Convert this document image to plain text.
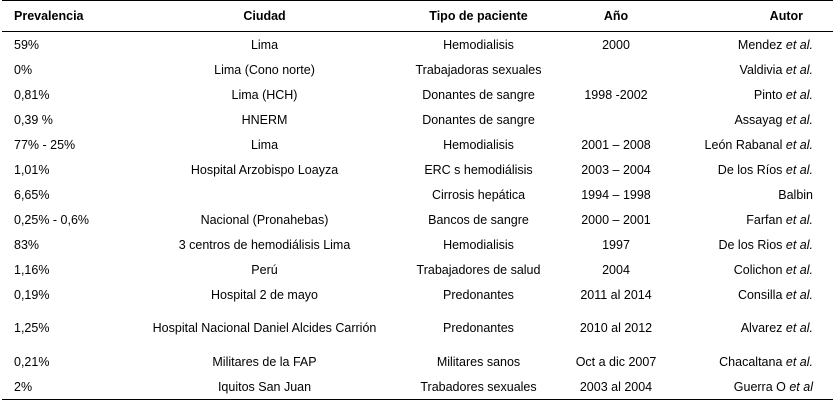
Prevalencia	Ciudad	Tipo de paciente	Año	Autor
59%	Lima	Hemodialisis	2000	Mendez et al.
0%	Lima (Cono norte)	Trabajadoras sexuales		Valdivia et al.
0,81%	Lima (HCH)	Donantes de sangre	1998 -2002	Pinto et al.
0,39 %	HNERM	Donantes de sangre		Assayag et al.
77% - 25%	Lima	Hemodialisis	2001 – 2008	León Rabanal et al.
1,01%	Hospital Arzobispo Loayza	ERC s hemodiálisis	2003 – 2004	De los Ríos et al.
6,65%		Cirrosis hepática	1994 – 1998	Balbin
0,25% - 0,6%	Nacional (Pronahebas)	Bancos de sangre	2000 – 2001	Farfan et al.
83%	3 centros de hemodiálisis Lima	Hemodialisis	1997	De los Rios et al.
1,16%	Perú	Trabajadores de salud	2004	Colichon et al.
0,19%	Hospital 2 de mayo	Predonantes	2011 al 2014	Consilla et al.
1,25%	Hospital Nacional Daniel Alcides Carrión	Predonantes	2010 al 2012	Alvarez et al.
0,21%	Militares de la FAP	Militares sanos	Oct a dic 2007	Chacaltana et al.
2%	Iquitos San Juan	Trabadores sexuales	2003 al 2004	Guerra O et al
